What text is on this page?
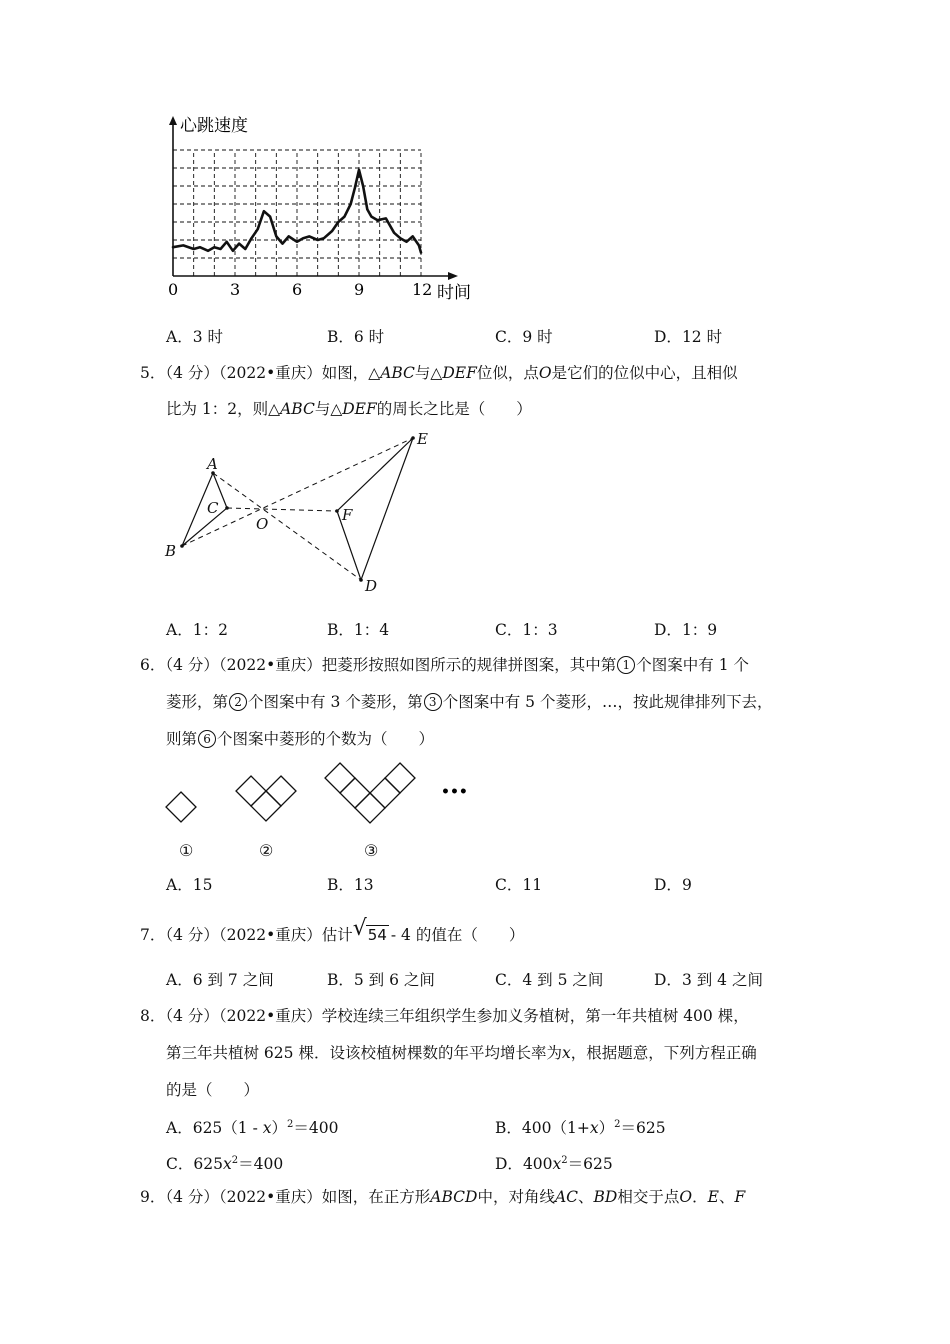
0	3	6	9	12
心跳速度
时间
A．3 时	B．6 时	C．9 时	D．12 时
5．（4 分）（2022•重庆）如图，△ABC与△DEF位似，点O是它们的位似中心，且相似
比为 1：2，则△ABC与△DEF的周长之比是（　　）
A
B
C
O	F
D
E
A．1：2	B．1：4	C．1：3	D．1：9
6．（4 分）（2022•重庆）把菱形按照如图所示的规律拼图案，其中第 1 个图案中有 1 个
菱形，第 2 个图案中有 3 个菱形，第 3 个图案中有 5 个菱形，…，按此规律排列下去，
则第 6 个图案中菱形的个数为（　　）
•••
①	②	③
A．15	B．13	C．11	D．9
7．（4 分）（2022•重庆）估计 √ 54 - 4 的值在（　　）
A．6 到 7 之间	B．5 到 6 之间	C．4 到 5 之间	D．3 到 4 之间
8．（4 分）（2022•重庆）学校连续三年组织学生参加义务植树，第一年共植树 400 棵，
第三年共植树 625 棵．设该校植树棵数的年平均增长率为x，根据题意，下列方程正确
的是（　　）
A．625（1 - x）$^2$＝400	B．$400(1+x)^2=625$
C．$625x^2=400$	D．$400x^2=625$
9．（4 分）（2022•重庆）如图，在正方形ABCD中，对角线AC、BD相交于点O．E、F
